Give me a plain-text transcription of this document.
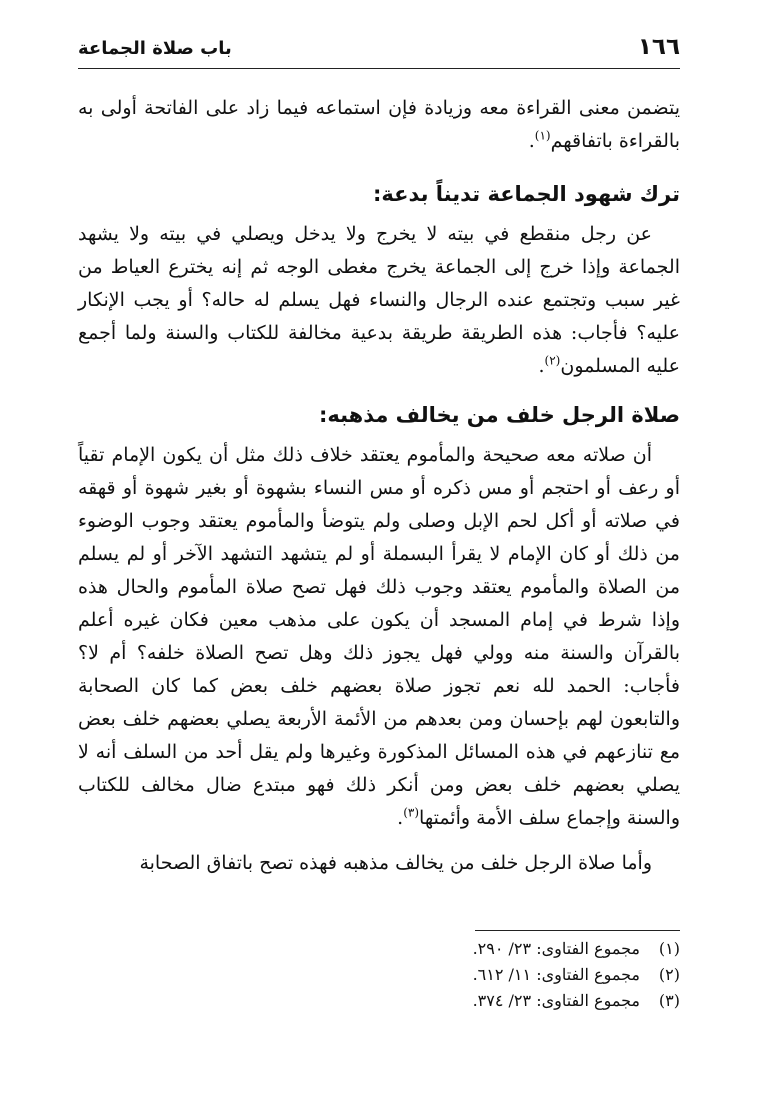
١٦٦
باب صلاة الجماعة

يتضمن معنى القراءة معه وزيادة فإن استماعه فيما زاد على الفاتحة أولى به بالقراءة باتفاقهم$^{(١)}$.

ترك شهود الجماعة تديناً بدعة:

عن رجل منقطع في بيته لا يخرج ولا يدخل ويصلي في بيته ولا يشهد الجماعة وإذا خرج إلى الجماعة يخرج مغطى الوجه ثم إنه يخترع العياط من غير سبب وتجتمع عنده الرجال والنساء فهل يسلم له حاله؟ أو يجب الإنكار عليه؟ فأجاب: هذه الطريقة طريقة بدعية مخالفة للكتاب والسنة ولما أجمع عليه المسلمون$^{(٢)}$.

صلاة الرجل خلف من يخالف مذهبه:

أن صلاته معه صحيحة والمأموم يعتقد خلاف ذلك مثل أن يكون الإمام تقياً أو رعف أو احتجم أو مس ذكره أو مس النساء بشهوة أو بغير شهوة أو قهقه في صلاته أو أكل لحم الإبل وصلى ولم يتوضأ والمأموم يعتقد وجوب الوضوء من ذلك أو كان الإمام لا يقرأ البسملة أو لم يتشهد التشهد الآخر أو لم يسلم من الصلاة والمأموم يعتقد وجوب ذلك فهل تصح صلاة المأموم والحال هذه وإذا شرط في إمام المسجد أن يكون على مذهب معين فكان غيره أعلم بالقرآن والسنة منه وولي فهل يجوز ذلك وهل تصح الصلاة خلفه؟ أم لا؟ فأجاب: الحمد لله نعم تجوز صلاة بعضهم خلف بعض كما كان الصحابة والتابعون لهم بإحسان ومن بعدهم من الأئمة الأربعة يصلي بعضهم خلف بعض مع تنازعهم في هذه المسائل المذكورة وغيرها ولم يقل أحد من السلف أنه لا يصلي بعضهم خلف بعض ومن أنكر ذلك فهو مبتدع ضال مخالف للكتاب والسنة وإجماع سلف الأمة وأئمتها$^{(٣)}$.

وأما صلاة الرجل خلف من يخالف مذهبه فهذه تصح باتفاق الصحابة

(١)مجموع الفتاوى: ٢٣/ ٢٩٠.
(٢)مجموع الفتاوى: ١١/ ٦١٢.
(٣)مجموع الفتاوى: ٢٣/ ٣٧٤.
